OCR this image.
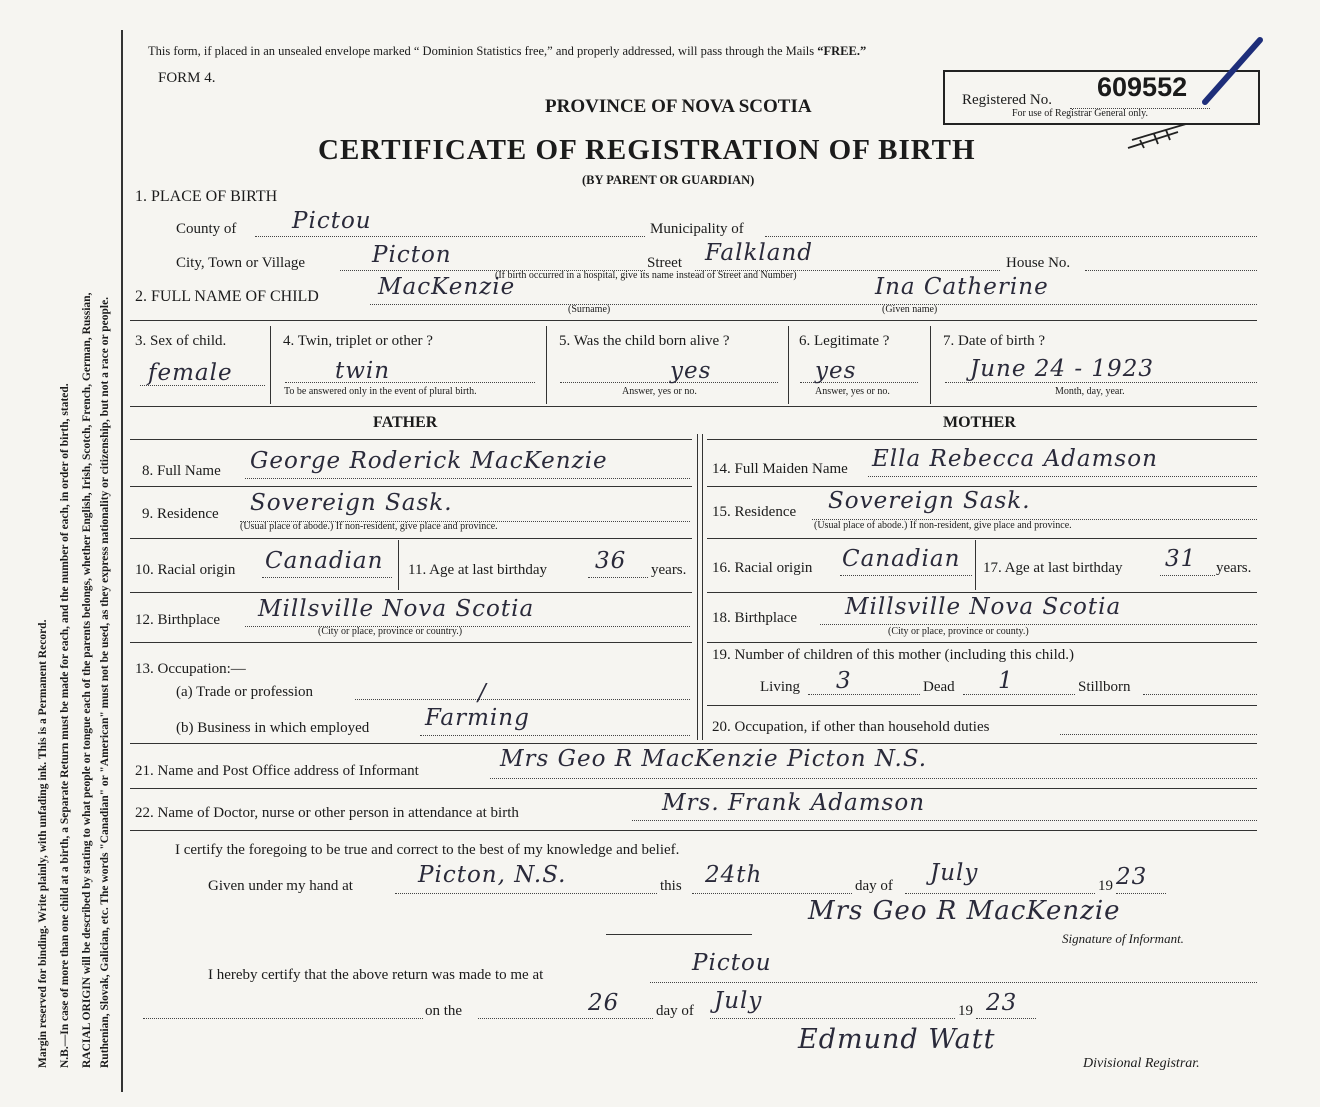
Margin reserved for binding. Write plainly, with unfading ink. This is a Permanent Record. N.B.—In case of more than one child at a birth, a Separate Return must be made for each, and the number of each, in order of birth, stated. RACIAL ORIGIN will be described by stating to what people or tongue each of the parents belongs, whether English, Irish, Scotch, French, German, Russian, Ruthenian, Slovak, Galician, etc. The words "Canadian" or "American" must not be used, as they express nationality or citizenship, but not a race or people.
This form, if placed in an unsealed envelope marked “ Dominion Statistics free,” and properly addressed, will pass through the Mails “FREE.”
FORM 4.
PROVINCE OF NOVA SCOTIA
CERTIFICATE OF REGISTRATION OF BIRTH
(BY PARENT OR GUARDIAN)
Registered No. 609552
For use of Registrar General only.
1. PLACE OF BIRTH
County of Pictou	Municipality of
City, Town or Village	Picton	Street Falkland	House No.
(If birth occurred in a hospital, give its name instead of Street and Number)
2. FULL NAME OF CHILD	MacKenzie
(Surname)
Ina Catherine
(Given name)
3. Sex of child.
female
4. Twin, triplet or other ?
twin
To be answered only in the event of plural birth.
5. Was the child born alive ?
yes
Answer, yes or no.
6. Legitimate ?
yes
Answer, yes or no.
7. Date of birth ?
June 24 - 1923
Month, day, year.
FATHER	MOTHER
8. Full Name George Roderick MacKenzie
9. Residence Sovereign Sask.
(Usual place of abode.) If non-resident, give place and province.
10. Racial origin Canadian 11. Age at last birthday 36 years.
12. Birthplace Millsville Nova Scotia
(City or place, province or country.)
13. Occupation:—
(a) Trade or profession	/
(b) Business in which employed Farming
14. Full Maiden Name Ella Rebecca Adamson
15. Residence Sovereign Sask.
(Usual place of abode.) If non-resident, give place and province.
16. Racial origin Canadian 17. Age at last birthday 31 years.
18. Birthplace Millsville Nova Scotia
(City or place, province or county.)
19. Number of children of this mother (including this child.)
Living 3	Dead 1	Stillborn
20. Occupation, if other than household duties
21. Name and Post Office address of Informant	Mrs Geo R MacKenzie Picton N.S.
22. Name of Doctor, nurse or other person in attendance at birth	Mrs. Frank Adamson
I certify the foregoing to be true and correct to the best of my knowledge and belief.
Given under my hand at	Picton, N.S.	this 24th	day of July	19 23
Mrs Geo R MacKenzie
Signature of Informant.
I hereby certify that the above return was made to me at	Pictou
on the	26 day of July	19 23
Edmund Watt
Divisional Registrar.
